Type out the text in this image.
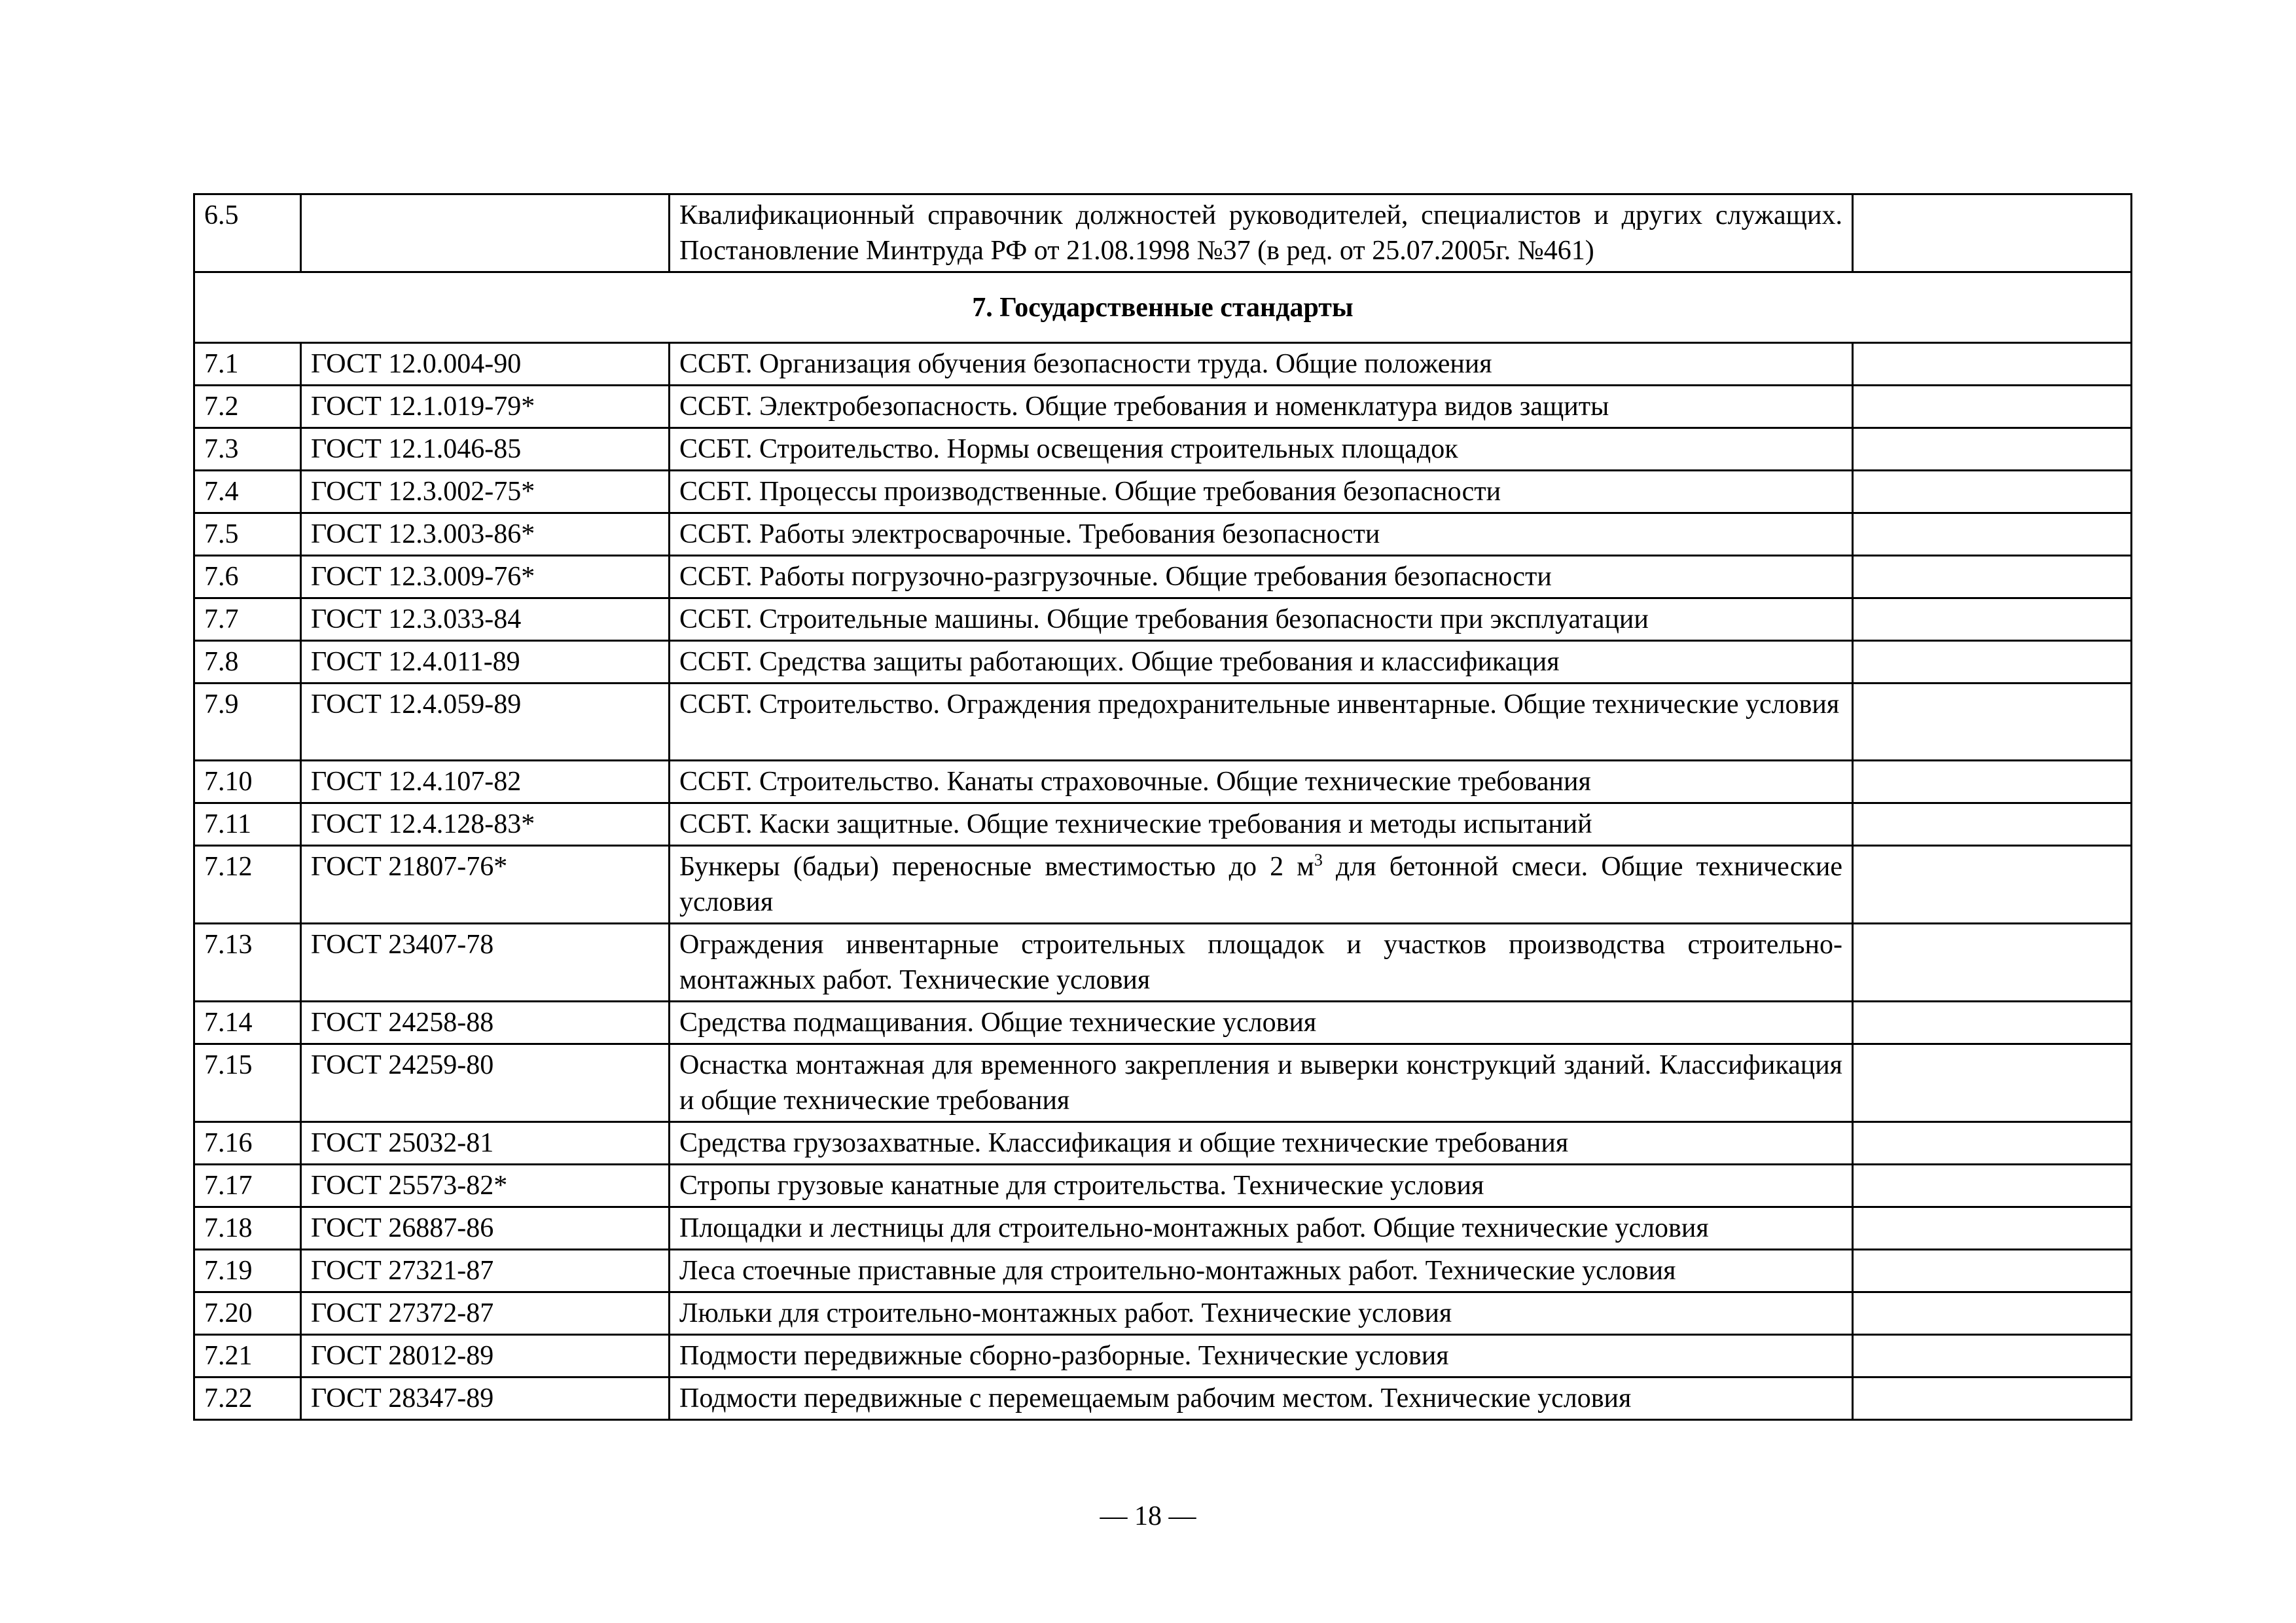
6.5		Квалификационный справочник должностей руководителей, специалистов и других служащих. Постановление Минтруда РФ от 21.08.1998 №37 (в ред. от 25.07.2005г. №461)	
7. Государственные стандарты			
7.1	ГОСТ 12.0.004-90	ССБТ. Организация обучения безопасности труда. Общие положения	
7.2	ГОСТ 12.1.019-79*	ССБТ. Электробезопасность. Общие требования и номенклатура видов защиты	
7.3	ГОСТ 12.1.046-85	ССБТ. Строительство. Нормы освещения строительных площадок	
7.4	ГОСТ 12.3.002-75*	ССБТ. Процессы производственные. Общие требования безопасности	
7.5	ГОСТ 12.3.003-86*	ССБТ. Работы электросварочные. Требования безопасности	
7.6	ГОСТ 12.3.009-76*	ССБТ. Работы погрузочно-разгрузочные. Общие требования безопасности	
7.7	ГОСТ 12.3.033-84	ССБТ. Строительные машины. Общие требования безопасности при эксплуатации	
7.8	ГОСТ 12.4.011-89	ССБТ. Средства защиты работающих. Общие требования и классификация	
7.9	ГОСТ 12.4.059-89	ССБТ. Строительство. Ограждения предохранительные инвентарные. Общие технические условия	
7.10	ГОСТ 12.4.107-82	ССБТ. Строительство. Канаты страховочные. Общие технические требования	
7.11	ГОСТ 12.4.128-83*	ССБТ. Каски защитные. Общие технические требования и методы испытаний	
7.12	ГОСТ 21807-76*	Бункеры (бадьи) переносные вместимостью до 2 $м^3$ для бетонной смеси. Общие технические условия	
7.13	ГОСТ 23407-78	Ограждения инвентарные строительных площадок и участков производства строительно-монтажных работ. Технические условия	
7.14	ГОСТ 24258-88	Средства подмащивания. Общие технические условия	
7.15	ГОСТ 24259-80	Оснастка монтажная для временного закрепления и выверки конструкций зданий. Классификация и общие технические требования	
7.16	ГОСТ 25032-81	Средства грузозахватные. Классификация и общие технические требования	
7.17	ГОСТ 25573-82*	Стропы грузовые канатные для строительства. Технические условия	
7.18	ГОСТ 26887-86	Площадки и лестницы для строительно-монтажных работ. Общие технические условия	
7.19	ГОСТ 27321-87	Леса стоечные приставные для строительно-монтажных работ. Технические условия	
7.20	ГОСТ 27372-87	Люльки для строительно-монтажных работ. Технические условия	
7.21	ГОСТ 28012-89	Подмости передвижные сборно-разборные. Технические условия	
7.22	ГОСТ 28347-89	Подмости передвижные с перемещаемым рабочим местом. Технические условия	
— 18 —
